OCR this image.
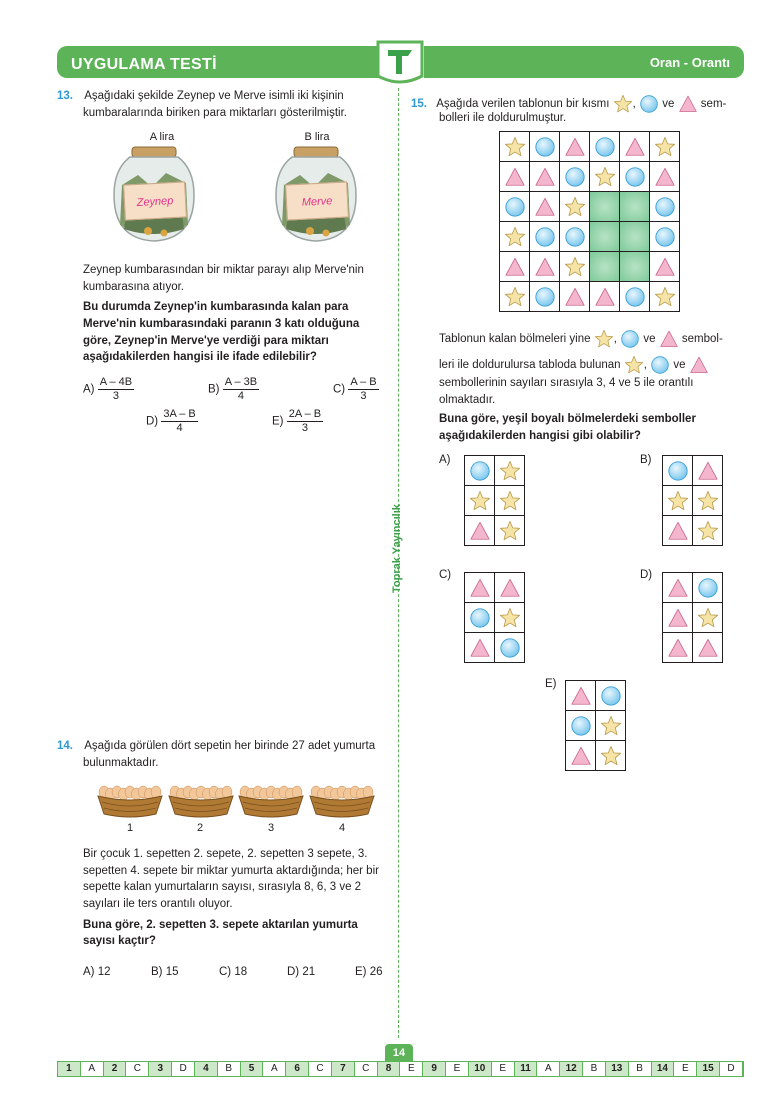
UYGULAMA TESTİ	Oran - Orantı
Toprak Yayıncılık

13. Aşağıdaki şekilde Zeynep ve Merve isimli iki kişinin kumbaralarında biriken para miktarları gösterilmiştir.

A lira	B lira
Zeynep	Merve

Zeynep kumbarasından bir miktar parayı alıp Merve'nin kumbarasına atıyor.

Bu durumda Zeynep'in kumbarasında kalan para Merve'nin kumbarasındaki paranın 3 katı olduğuna göre, Zeynep'in Merve'ye verdiği para miktarı aşağıdakilerden hangisi ile ifade edilebilir?

$A) \frac{A - 4B}{3}$	$B) \frac{A - 3B}{4}$	$C) \frac{A - B}{3}$
$D) \frac{3A - B}{4}$	$E) \frac{2A - B}{3}$

14. Aşağıda görülen dört sepetin her birinde 27 adet yumurta bulunmaktadır.

1	2	3	4

Bir çocuk 1. sepetten 2. sepete, 2. sepetten 3 sepete, 3. sepetten 4. sepete bir miktar yumurta aktardığında; her bir sepette kalan yumurtaların sayısı, sırasıyla 8, 6, 3 ve 2 sayıları ile ters orantılı oluyor.

Buna göre, 2. sepetten 3. sepete aktarılan yumurta sayısı kaçtır?

A) 12	B) 15	C) 18	D) 21	E) 26
15. Aşağıda verilen tablonun bir kısmı ,
ve sem-
bolleri ile doldurulmuştur.

Tablonun kalan bölmeleri yine ,
ve sembol-
leri ile doldurulursa tabloda bulunan ,
ve
sembollerinin sayıları sırasıyla 3, 4 ve 5 ile orantılı olmaktadır.
Buna göre, yeşil boyalı bölmelerdeki semboller aşağıdakilerden hangisi gibi olabilir?
A)

		B)

C)

		D)

E)

14
1	A	2	C	3	D	4	B	5	A	6	C	7	C	8	E	9	E	10	E	11	A	12	B	13	B	14	E	15	D
